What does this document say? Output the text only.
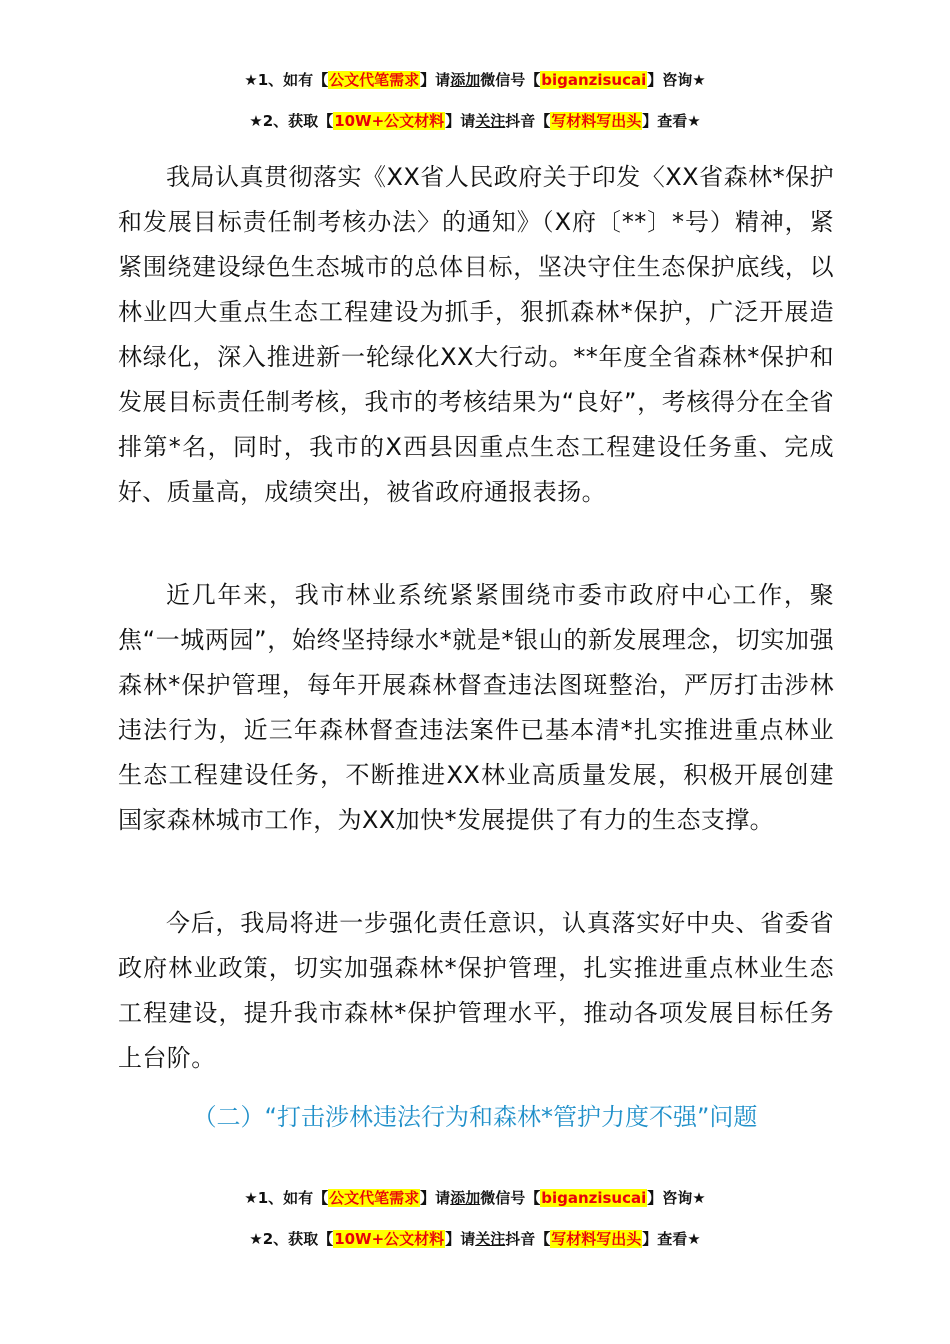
★1、如有【公文代笔需求】请添加微信号【biganzisucai】咨询★
★2、获取【10W+公文材料】请关注抖音【写材料写出头】查看★

我局认真贯彻落实《XX省人民政府关于印发〈XX省森林*保护和发展目标责任制考核办法〉的通知》（X府〔**〕*号）精神，紧紧围绕建设绿色生态城市的总体目标，坚决守住生态保护底线，以林业四大重点生态工程建设为抓手，狠抓森林*保护，广泛开展造林绿化，深入推进新一轮绿化XX大行动。**年度全省森林*保护和发展目标责任制考核，我市的考核结果为“良好”，考核得分在全省排第*名，同时，我市的X西县因重点生态工程建设任务重、完成好、质量高，成绩突出，被省政府通报表扬。

近几年来，我市林业系统紧紧围绕市委市政府中心工作，聚焦“一城两园”，始终坚持绿水*就是*银山的新发展理念，切实加强森林*保护管理，每年开展森林督查违法图斑整治，严厉打击涉林违法行为，近三年森林督查违法案件已基本清*扎实推进重点林业生态工程建设任务，不断推进XX林业高质量发展，积极开展创建国家森林城市工作，为XX加快*发展提供了有力的生态支撑。

今后，我局将进一步强化责任意识，认真落实好中央、省委省政府林业政策，切实加强森林*保护管理，扎实推进重点林业生态工程建设，提升我市森林*保护管理水平，推动各项发展目标任务上台阶。

（二）“打击涉林违法行为和森林*管护力度不强”问题

★1、如有【公文代笔需求】请添加微信号【biganzisucai】咨询★
★2、获取【10W+公文材料】请关注抖音【写材料写出头】查看★
